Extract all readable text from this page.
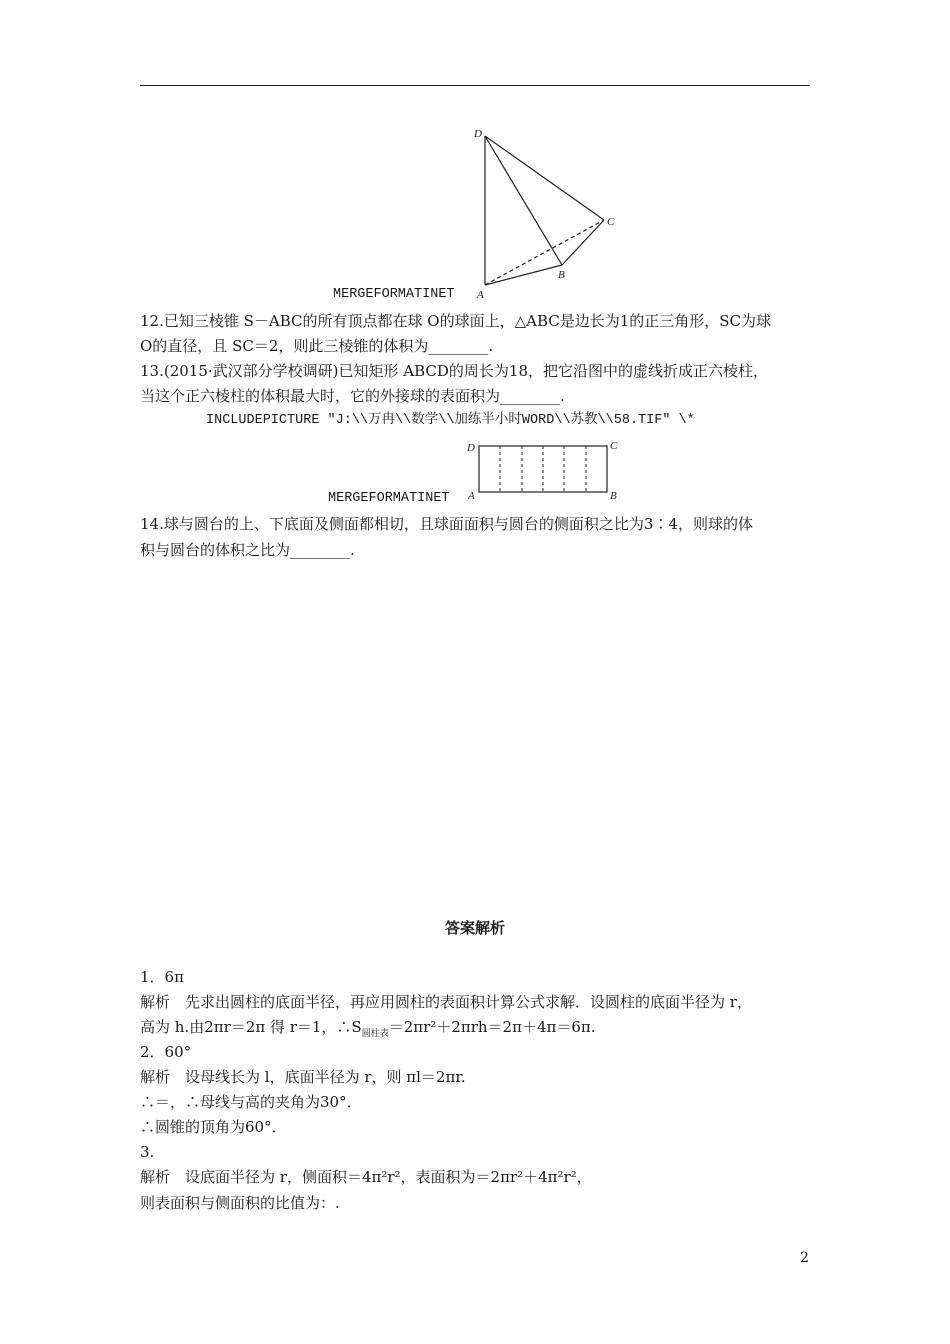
D
C
B
A
MERGEFORMATINET
12.已知三棱锥 S－ABC的所有顶点都在球 O的球面上，△ABC是边长为1的正三角形，SC为球
O的直径，且 SC＝2，则此三棱锥的体积为________.
13.(2015·武汉部分学校调研)已知矩形 ABCD的周长为18，把它沿图中的虚线折成正六棱柱，
当这个正六棱柱的体积最大时，它的外接球的表面积为________.
INCLUDEPICTURE "J:\\万冉\\数学\\加练半小时WORD\\苏教\\58.TIF" \*
D	C
A	B
MERGEFORMATINET
14.球与圆台的上、下底面及侧面都相切，且球面面积与圆台的侧面积之比为3∶4，则球的体
积与圆台的体积之比为________.
答案解析
1．6π
解析　先求出圆柱的底面半径，再应用圆柱的表面积计算公式求解．设圆柱的底面半径为 r，
高为 h.由2πr＝2π 得 r＝1，$\therefore S_{圆柱表}=2\pi r^2+2\pi rh=2\pi+4\pi=6\pi$.
2．60°
解析　设母线长为 l，底面半径为 r，则 πl＝2πr.
∴＝，∴母线与高的夹角为30°．
∴圆锥的顶角为60°．
3.
解析　设底面半径为 r，侧面积＝4π²r²，表面积为＝2πr²＋4π²r²，
则表面积与侧面积的比值为：.
2
